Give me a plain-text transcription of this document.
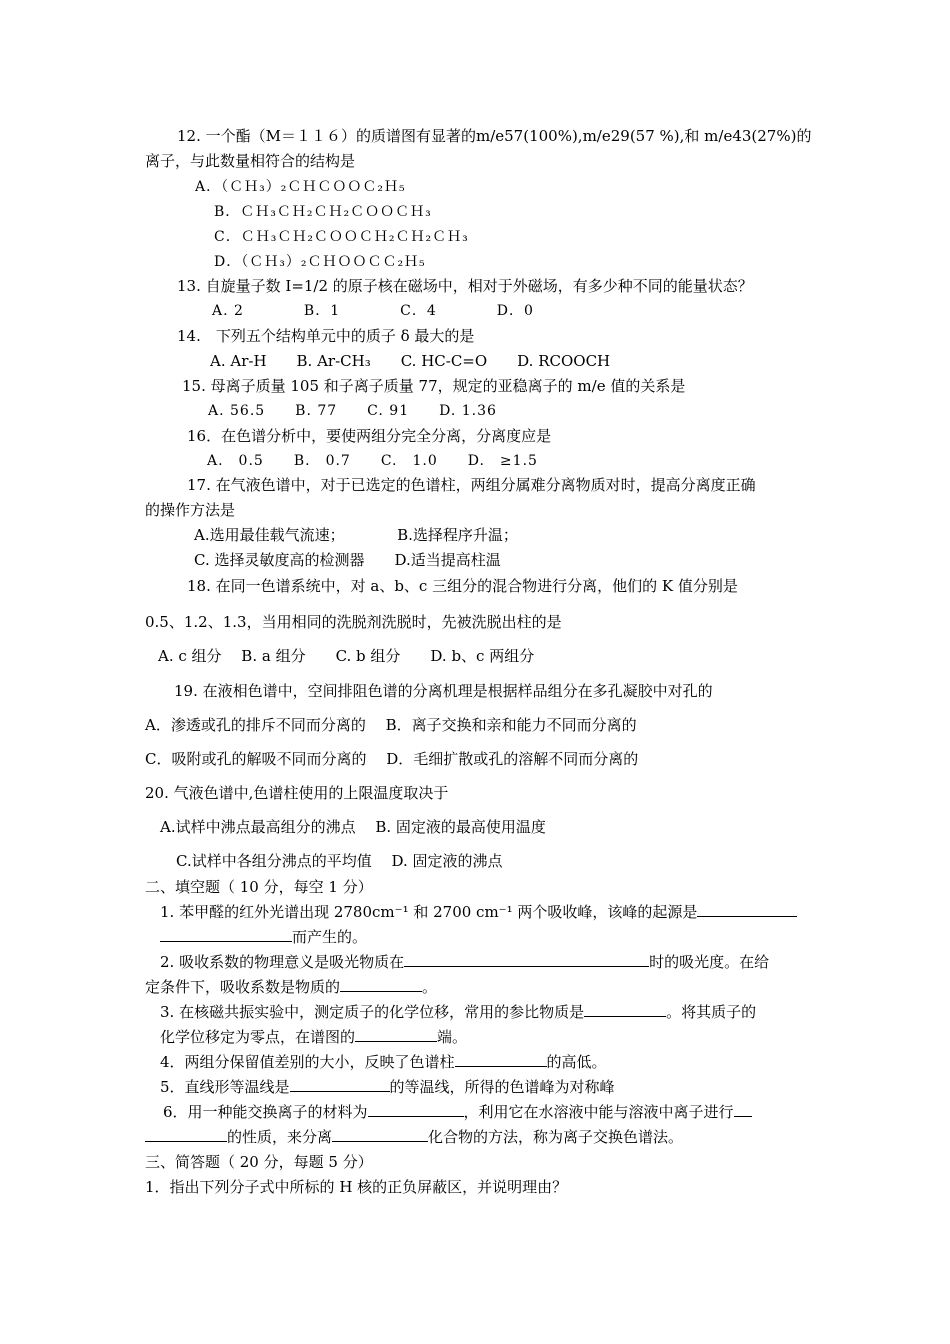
12. 一个酯（M＝１１６）的质谱图有显著的m/e57(100%),m/e29(57 %),和 m/e43(27%)的
离子，与此数量相符合的结构是
A．（ＣＨ₃）₂ＣＨＣＯＯＣ₂Ｈ₅
B．ＣＨ₃ＣＨ₂ＣＨ₂ＣＯＯＣＨ₃
C．ＣＨ₃ＣＨ₂ＣＯＯＣＨ₂ＣＨ₂ＣＨ₃
D．（ＣＨ₃）₂ＣＨＯＯＣＣ₂Ｈ₅
13. 自旋量子数 I=1/2 的原子核在磁场中，相对于外磁场，有多少种不同的能量状态？
A. 2　　　　B．1　　　　C．4　　　　D．0
14.　下列五个结构单元中的质子 δ 最大的是
A. Ar-H　　B. Ar-CH₃　　C. HC-C=O　　D. RCOOCH
15. 母离子质量 105 和子离子质量 77，规定的亚稳离子的 m/e 值的关系是
A. 56.5　　B. 77　　C. 91　　D. 1.36
16．在色谱分析中，要使两组分完全分离，分离度应是
A.　0.5　　B.　0.7　　C.　1.0　　D.　≥1.5
17. 在气液色谱中，对于已选定的色谱柱，两组分属难分离物质对时，提高分离度正确
的操作方法是
A.选用最佳载气流速；　　　　B.选择程序升温；
C. 选择灵敏度高的检测器　　D.适当提高柱温
18. 在同一色谱系统中，对 a、b、c 三组分的混合物进行分离，他们的 K 值分别是
0.5、1.2、1.3，当用相同的洗脱剂洗脱时，先被洗脱出柱的是
A. c 组分　 B. a 组分　　C. b 组分　　D. b、c 两组分
19. 在液相色谱中，空间排阻色谱的分离机理是根据样品组分在多孔凝胶中对孔的
A．渗透或孔的排斥不同而分离的　 B．离子交换和亲和能力不同而分离的
C．吸附或孔的解吸不同而分离的　 D．毛细扩散或孔的溶解不同而分离的
20. 气液色谱中,色谱柱使用的上限温度取决于
A.试样中沸点最高组分的沸点　 B. 固定液的最高使用温度
C.试样中各组分沸点的平均值　 D. 固定液的沸点
二、填空题（ 10 分，每空 1 分）
1. 苯甲醛的红外光谱出现 2780cm⁻¹ 和 2700 cm⁻¹ 两个吸收峰，该峰的起源是
而产生的。
2. 吸收系数的物理意义是吸光物质在	时的吸光度。在给
定条件下，吸收系数是物质的	。
3. 在核磁共振实验中，测定质子的化学位移，常用的参比物质是	。将其质子的
化学位移定为零点，在谱图的	端。
4．两组分保留值差别的大小，反映了色谱柱	的高低。
5．直线形等温线是	的等温线，所得的色谱峰为对称峰
6．用一种能交换离子的材料为	，利用它在水溶液中能与溶液中离子进行
的性质，来分离	化合物的方法，称为离子交换色谱法。
三、简答题（ 20 分，每题 5 分）
1．指出下列分子式中所标的 H 核的正负屏蔽区，并说明理由？
